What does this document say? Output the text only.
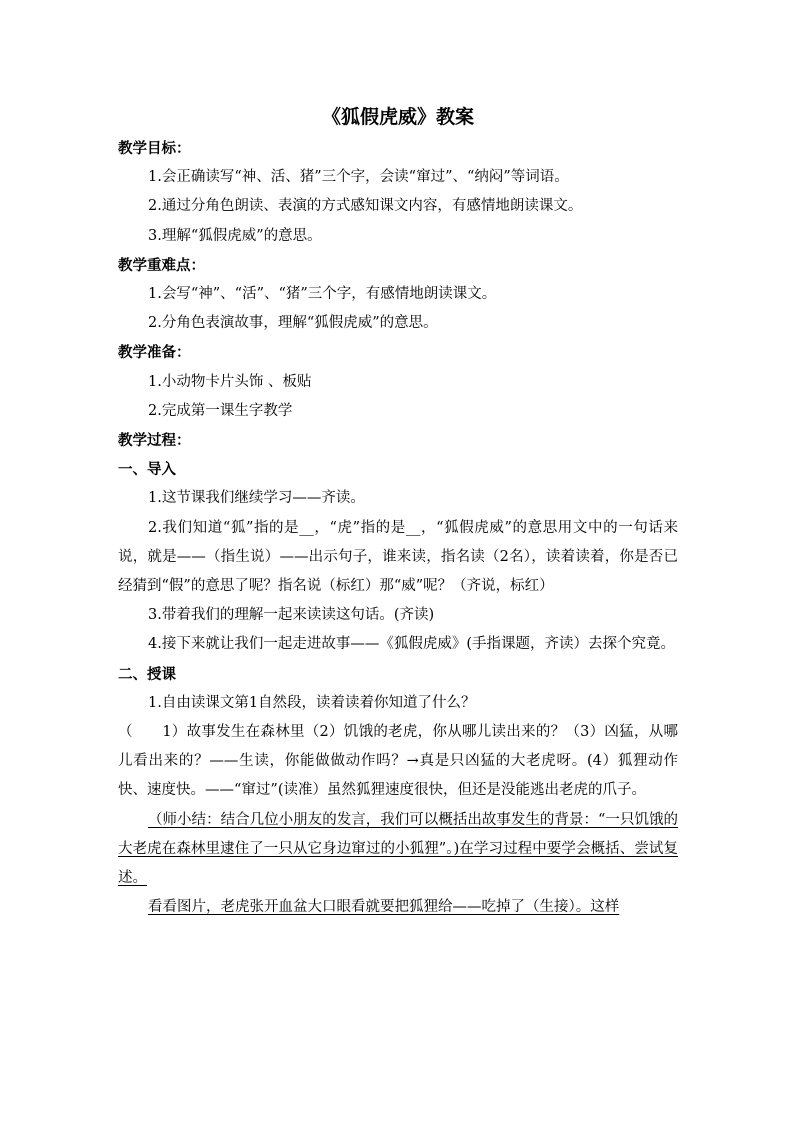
《狐假虎威》教案
教学目标：
1.会正确读写“神、活、猪”三个字，会读“窜过”、“纳闷”等词语。
2.通过分角色朗读、表演的方式感知课文内容，有感情地朗读课文。
3.理解“狐假虎威”的意思。
教学重难点：
1.会写“神”、“活”、“猪”三个字，有感情地朗读课文。
2.分角色表演故事，理解“狐假虎威”的意思。
教学准备：
1.小动物卡片头饰 、板贴
2.完成第一课生字教学
教学过程：
一、导入
1.这节课我们继续学习——齐读。
2.我们知道“狐”指的是__，“虎”指的是__，“狐假虎威”的意思用文中的一句话来说，就是——（指生说）——出示句子，谁来读，指名读（2名），读着读着，你是否已经猜到“假”的意思了呢？指名说（标红）那“威”呢？（齐说，标红）
3.带着我们的理解一起来读读这句话。(齐读)
4.接下来就让我们一起走进故事——《狐假虎威》(手指课题，齐读）去探个究竟。
二、授课
1.自由读课文第1自然段，读着读着你知道了什么？
（　　1）故事发生在森林里（2）饥饿的老虎，你从哪儿读出来的？（3）凶猛，从哪儿看出来的？——生读，你能做做动作吗？→真是只凶猛的大老虎呀。(4）狐狸动作快、速度快。——“窜过”(读准）虽然狐狸速度很快，但还是没能逃出老虎的爪子。
（师小结：结合几位小朋友的发言，我们可以概括出故事发生的背景：“一只饥饿的大老虎在森林里逮住了一只从它身边窜过的小狐狸”。)在学习过程中要学会概括、尝试复述。
看看图片，老虎张开血盆大口眼看就要把狐狸给——吃掉了（生接）。这样
